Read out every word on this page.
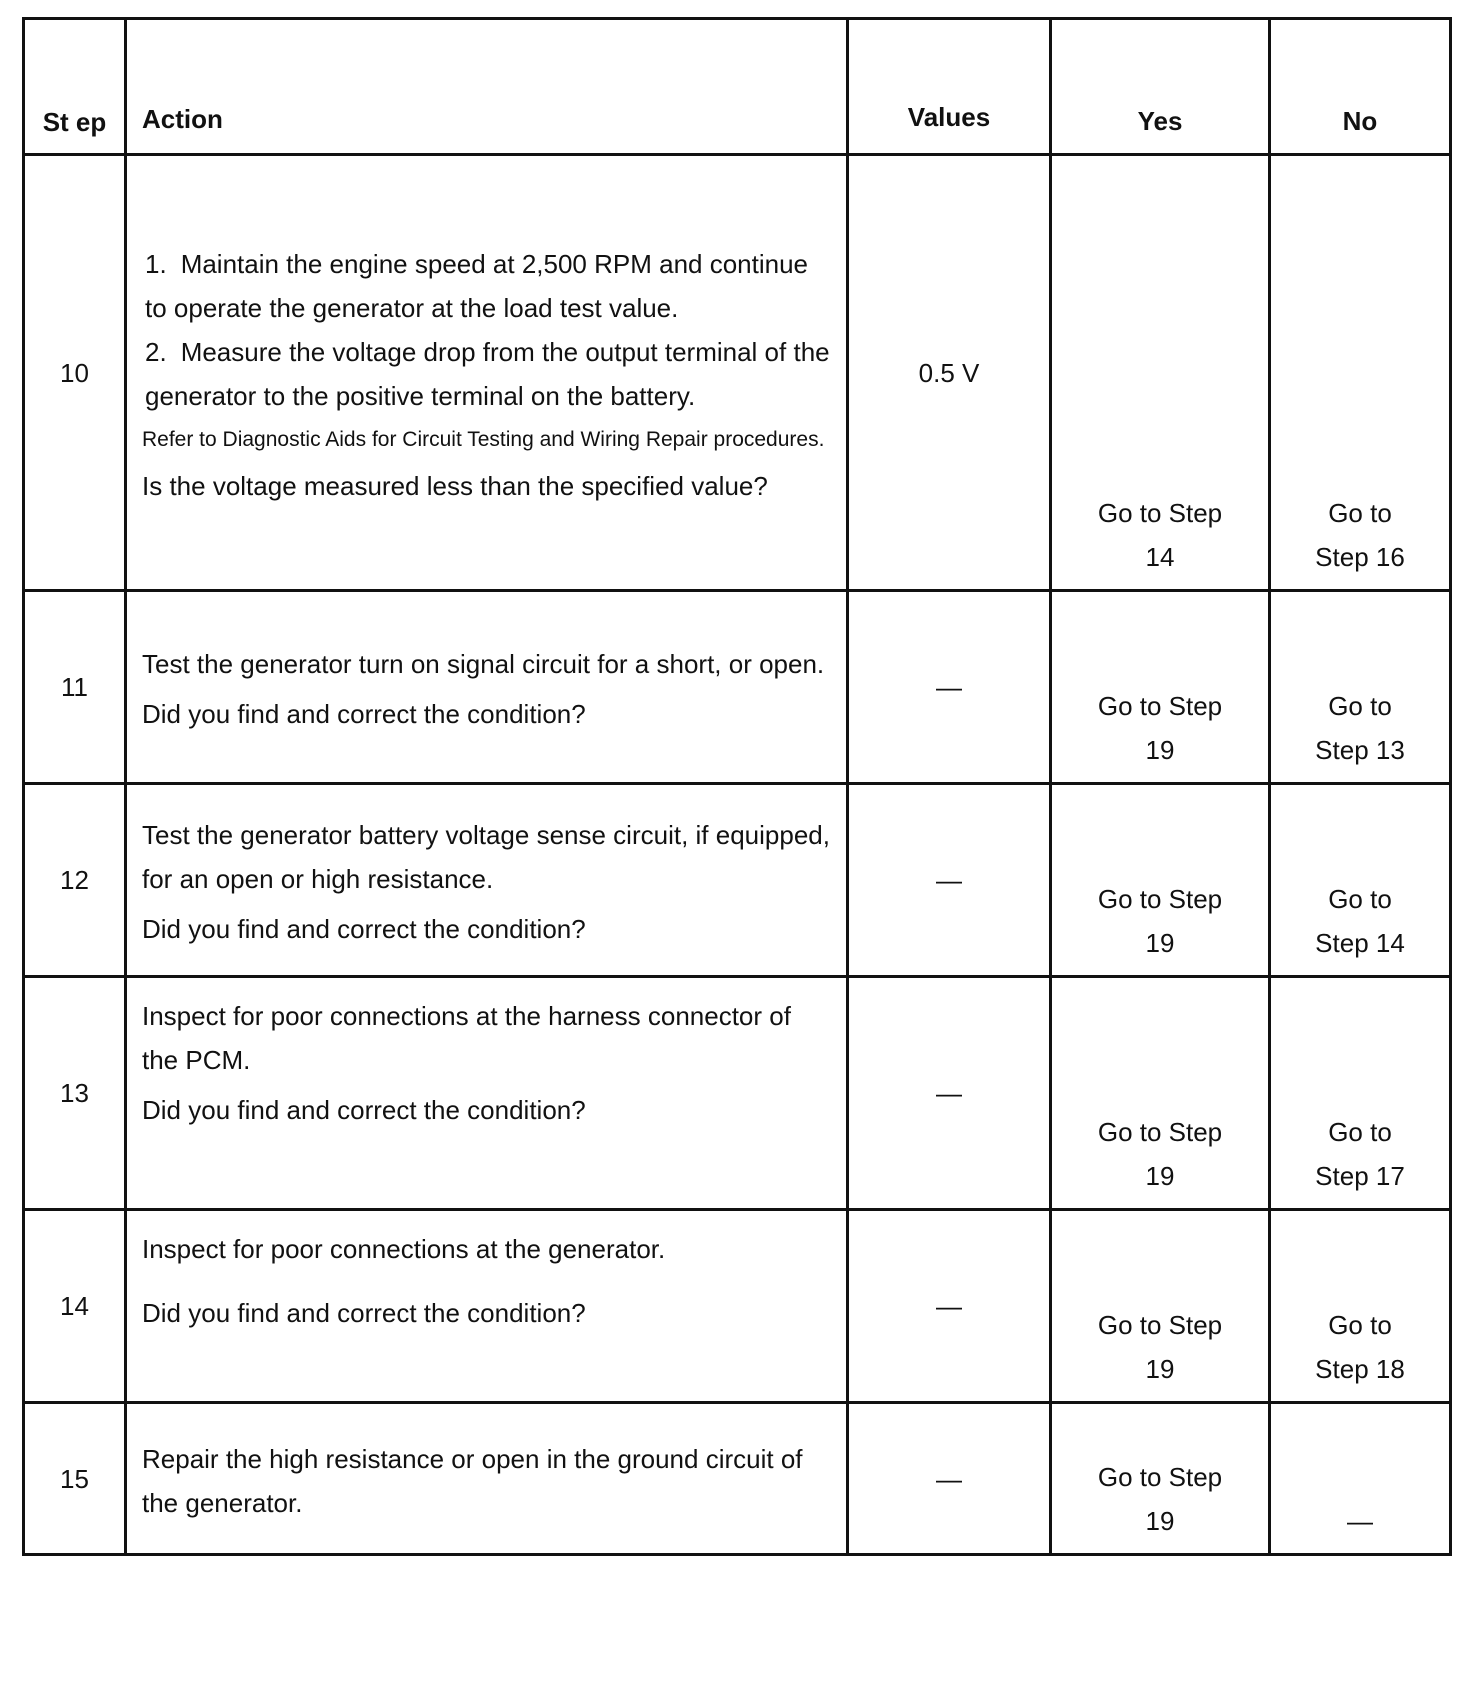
St ep	Action	Values	Yes	No
10	1. Maintain the engine speed at 2,500 RPM and continue to operate the generator at the load test value.
2. Measure the voltage drop from the output terminal of the generator to the positive terminal on the battery.
Refer to Diagnostic Aids for Circuit Testing and Wiring Repair procedures.
Is the voltage measured less than the specified value?	0.5 V	Go to Step 14	Go to Step 16

11	Test the generator turn on signal circuit for a short, or open.
Did you find and correct the condition?	—	Go to Step 19	Go to Step 13

12	Test the generator battery voltage sense circuit, if equipped, for an open or high resistance.
Did you find and correct the condition?	—	Go to Step 19	Go to Step 14

13	Inspect for poor connections at the harness connector of the PCM.
Did you find and correct the condition?	—	Go to Step 19	Go to Step 17

14	Inspect for poor connections at the generator.
Did you find and correct the condition?	—	Go to Step 19	Go to Step 18

15	Repair the high resistance or open in the ground circuit of the generator.	—	Go to Step 19	—
